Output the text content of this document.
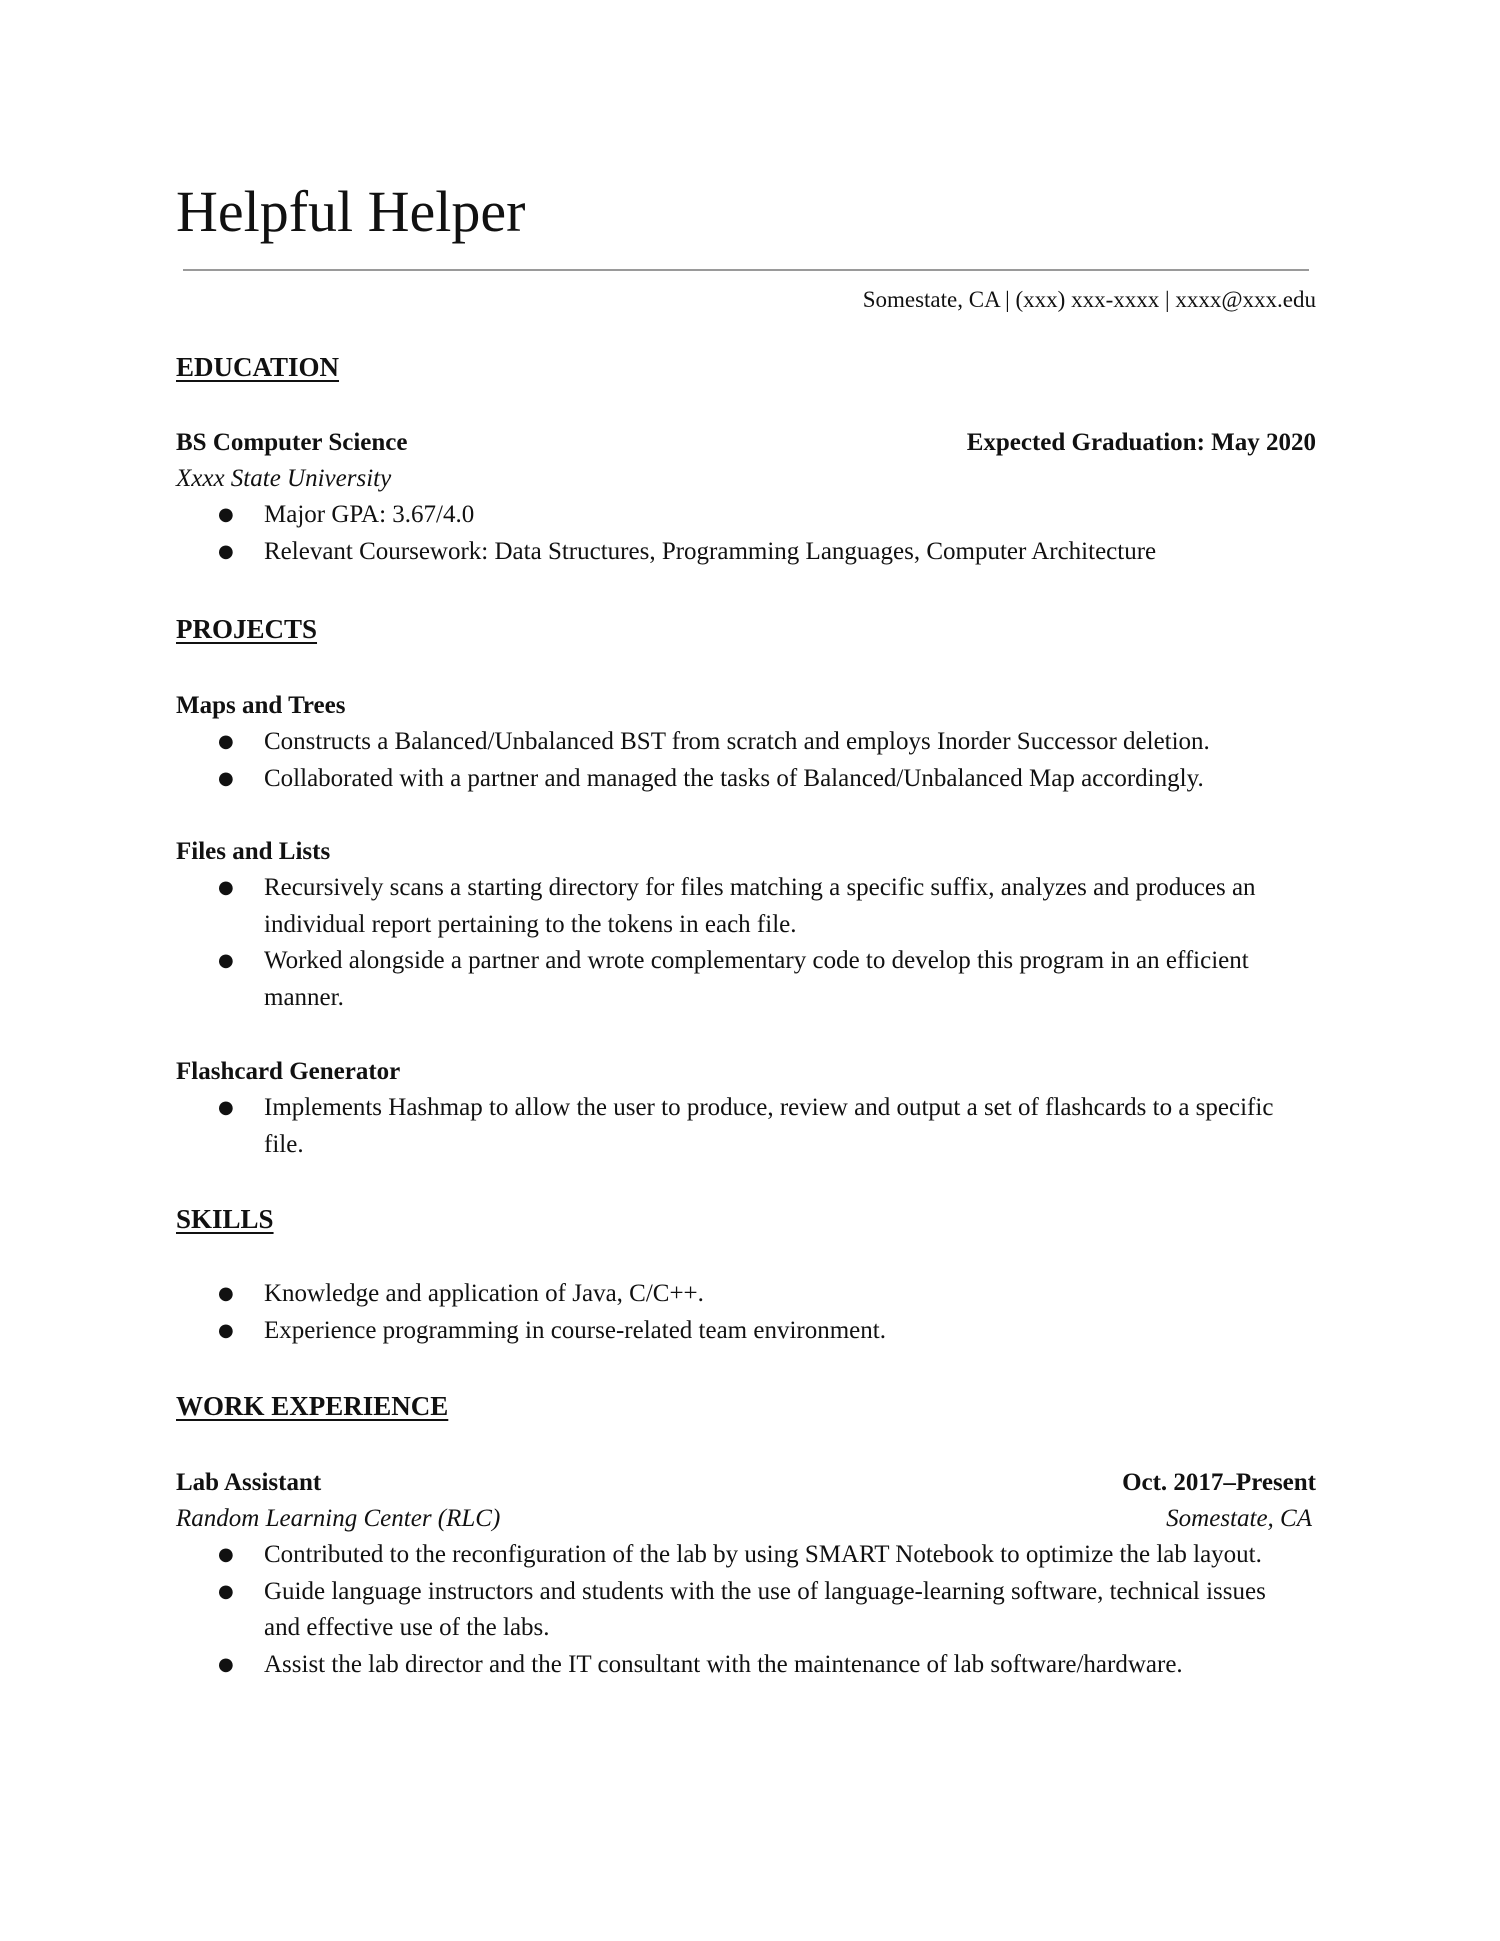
Helpful Helper
Somestate, CA | (xxx) xxx-xxxx | xxxx@xxx.edu
EDUCATION
BS Computer Science	Expected Graduation: May 2020
Xxxx State University
● Major GPA: 3.67/4.0
● Relevant Coursework: Data Structures, Programming Languages, Computer Architecture
PROJECTS
Maps and Trees
● Constructs a Balanced/Unbalanced BST from scratch and employs Inorder Successor deletion.
● Collaborated with a partner and managed the tasks of Balanced/Unbalanced Map accordingly.
Files and Lists
● Recursively scans a starting directory for files matching a specific suffix, analyzes and produces an individual report pertaining to the tokens in each file.
● Worked alongside a partner and wrote complementary code to develop this program in an efficient manner.
Flashcard Generator
● Implements Hashmap to allow the user to produce, review and output a set of flashcards to a specific file.
SKILLS
● Knowledge and application of Java, C/C++.
● Experience programming in course-related team environment.
WORK EXPERIENCE
Lab Assistant	Oct. 2017–Present
Random Learning Center (RLC)	Somestate, CA
● Contributed to the reconfiguration of the lab by using SMART Notebook to optimize the lab layout.
● Guide language instructors and students with the use of language-learning software, technical issues and effective use of the labs.
● Assist the lab director and the IT consultant with the maintenance of lab software/hardware.
